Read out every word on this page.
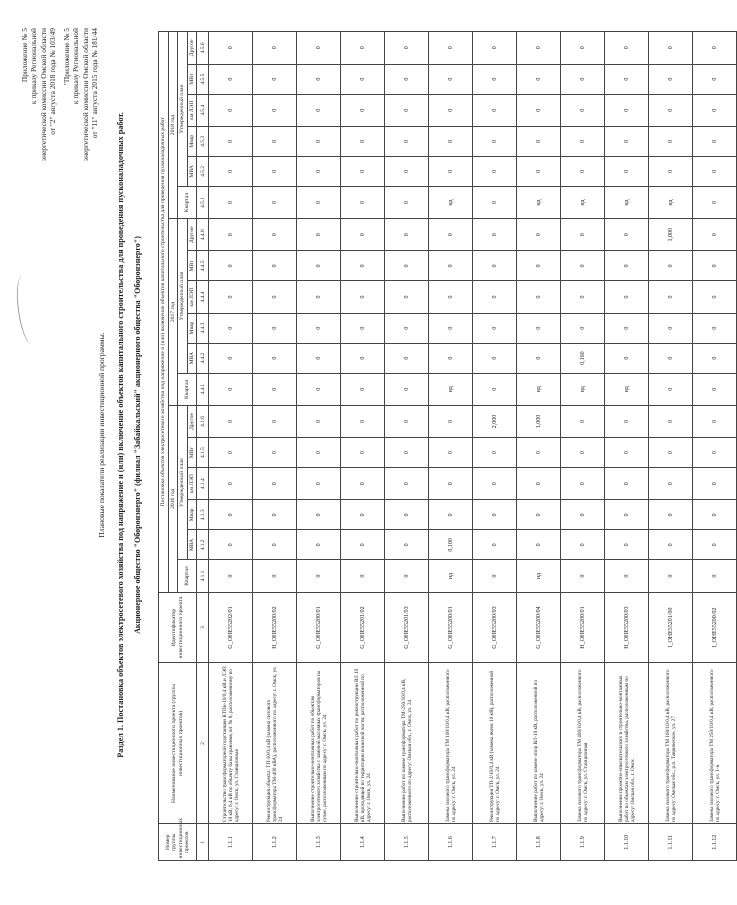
Приложение № 5 к приказу Региональной энергетической комиссии Омской области от "2" августа 2018 года № 103/49 "Приложение № 5 к приказу Региональной энергетической комиссии Омской области от "11" августа 2015 года № 181/44
Плановые показатели реализации инвестиционной программы. Раздел 1. Постановка объектов электросетевого хозяйства под напряжение и (или) включение объектов капитального строительства для проведения пусконаладочных работ. Акционерное общество "Оборонэнерго" (филиал "Забайкальский" акционерного общества "Оборонэнерго")
Номер группы инвестиционных проектов	Наименование инвестиционного проекта (группы инвестиционных проектов)	Идентификатор инвестиционного проекта	Постановка объектов электросетевого хозяйства под напряжение и (или) включение объектов капитального строительства для проведения пусконаладочных работ																	
			2016 год						2017 год						2018 год					
			Квартал	Утвержденный план					Квартал	Утвержденный план					Квартал	Утвержденный план				
				МВА	Мвар	км ЛЭП	МВт	Другое		МВА	Мвар	км ЛЭП	МВт	Другое		МВА	Мвар	км ЛЭП	МВт	Другое
1	2	3	4.1.1	4.1.2	4.1.3	4.1.4	4.1.5	4.1.6	4.4.1	4.4.2	4.4.3	4.4.4	4.4.5	4.4.6	4.5.1	4.5.2	4.5.3	4.5.4	4.5.5	4.5.6
1.1.1	Строительство трансформаторной подстанции КТПн-10/0,4 кВ и ЛЭП 10 кВ, 0,4 кВ по объекту базы хранения, в/г № 8, расположенному по адресу: г. Омск, ул. Станционная	G_OHE55202/01	0	0	0	0	0	0	0	0	0	0	0	0	0	0	0	0	0	0
1.1.2	Реконструкция объекта: ТП-10/0,4 кВ (замена силового трансформатора ТМ-400 кВА), расположенного по адресу: г. Омск, ул. 24	H_OHE55200/02	0	0	0	0	0	0	0	0	0	0	0	0	0	0	0	0	0	0
1.1.3	Выполнение строительно-монтажных работ по объектам электросетевого хозяйства с заменой масляных трансформаторов на сухие, расположенным по адресу: г. Омск, ул. 24	G_OHE55200/01	0	0	0	0	0	0	0	0	0	0	0	0	0	0	0	0	0	0
1.1.4	Выполнение строительно-монтажных работ по реконструкции ВЛ 10 кВ, проходящей по территории воинской части, расположенной по адресу: г. Омск, ул. 24	G_OHE55201/02	0	0	0	0	0	0	0	0	0	0	0	0	0	0	0	0	0	0
1.1.5	Выполнение работ по замене трансформатора ТМ-250/10/0,4 кВ, расположенного по адресу: Омская обл., г. Омск, ул. 24	G_OHE55201/03	0	0	0	0	0	0	0	0	0	0	0	0	0	0	0	0	0	0
1.1.6	Замена силового трансформатора ТМ 100/10/0,4 кВ, расположенного по адресу: г. Омск, ул. 24	G_OHE55200/01	нд	0,100	0	0	0	0	нд	0	0	0	0	0	нд	0	0	0	0	0
1.1.7	Реконструкция ТП-2/10/0,4 кВ (замена ячеек 10 кВ), расположенной по адресу: г. Омск, ул. 24	G_OHE55200/03	0	0	0	0	0	2,000	0	0	0	0	0	0	0	0	0	0	0	0
1.1.8	Выполнение работ по замене опор ВЛ-10 кВ, расположенной по адресу: г. Омск, ул. 24	G_OHE55200/04	нд	0	0	0	0	1,000	нд	0	0	0	0	0	нд	0	0	0	0	0
1.1.9	Замена силового трансформатора ТМ 400/10/0,4 кВ, расположенного по адресу: г. Омск, ул. Станционная	H_OHE55200/01	0	0	0	0	0	0	нд	0,160	0	0	0	0	нд	0	0	0	0	0
1.1.10	Выполнение проектно-изыскательских и строительно-монтажных работ по объектам электросетевого хозяйства, расположенным по адресу: Омская обл., г. Омск	H_OHE55200/03	0	0	0	0	0	0	нд	0	0	0	0	0	нд	0	0	0	0	0
1.1.11	Замена силового трансформатора ТМ 160/10/0,4 кВ, расположенного по адресу: Омская обл., р.п. Таврическое, ул. 27	I_OHE55201/00	0	0	0	0	0	0	0	0	0	0	0	1,000	нд	0	0	0	0	0
1.1.12	Замена силового трансформатора ТМ 250/10/0,4 кВ, расположенного по адресу: г. Омск, ул. 1-я	I_OHE55200/02	0	0	0	0	0	0	0	0	0	0	0	0	0	0	0	0	0	0
